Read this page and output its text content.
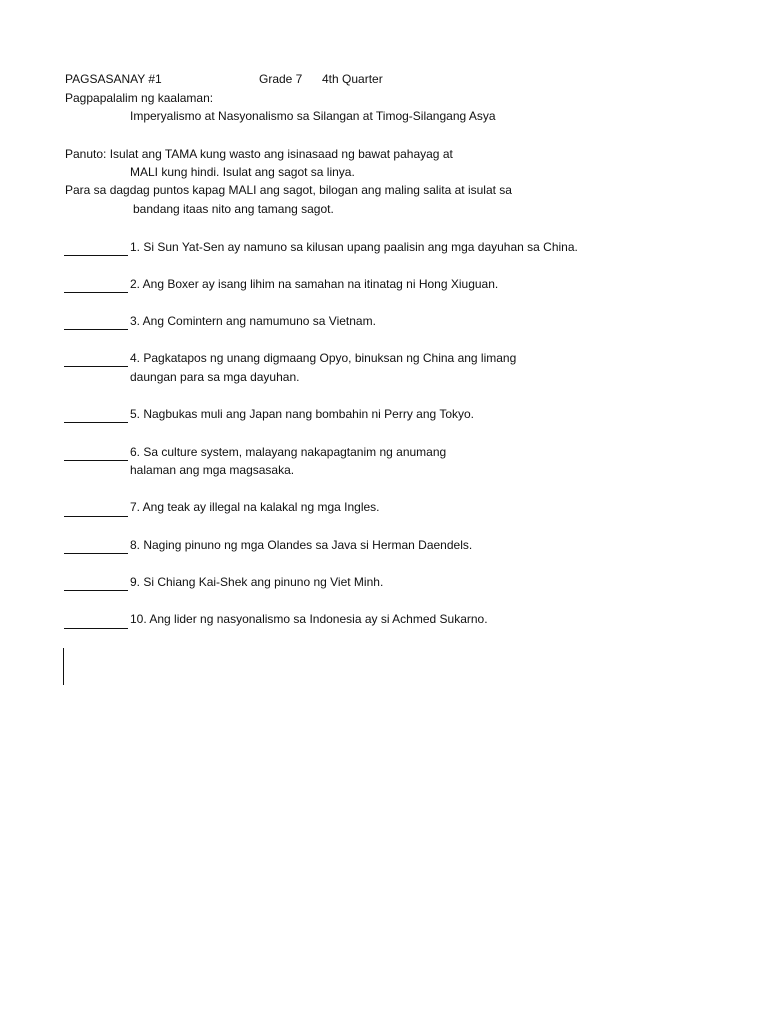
PAGSASANAY #1	Grade 7 4th Quarter
Pagpapalalim ng kaalaman:
Imperyalismo at Nasyonalismo sa Silangan at Timog-Silangang Asya
Panuto: Isulat ang TAMA kung wasto ang isinasaad ng bawat pahayag at
MALI kung hindi. Isulat ang sagot sa linya.
Para sa dagdag puntos kapag MALI ang sagot, bilogan ang maling salita at isulat sa
bandang itaas nito ang tamang sagot.
1. Si Sun Yat-Sen ay namuno sa kilusan upang paalisin ang mga dayuhan sa China.
2. Ang Boxer ay isang lihim na samahan na itinatag ni Hong Xiuguan.
3. Ang Comintern ang namumuno sa Vietnam.
4. Pagkatapos ng unang digmaang Opyo, binuksan ng China ang limang
daungan para sa mga dayuhan.
5. Nagbukas muli ang Japan nang bombahin ni Perry ang Tokyo.
6. Sa culture system, malayang nakapagtanim ng anumang
halaman ang mga magsasaka.
7. Ang teak ay illegal na kalakal ng mga Ingles.
8. Naging pinuno ng mga Olandes sa Java si Herman Daendels.
9. Si Chiang Kai-Shek ang pinuno ng Viet Minh.
10. Ang lider ng nasyonalismo sa Indonesia ay si Achmed Sukarno.
